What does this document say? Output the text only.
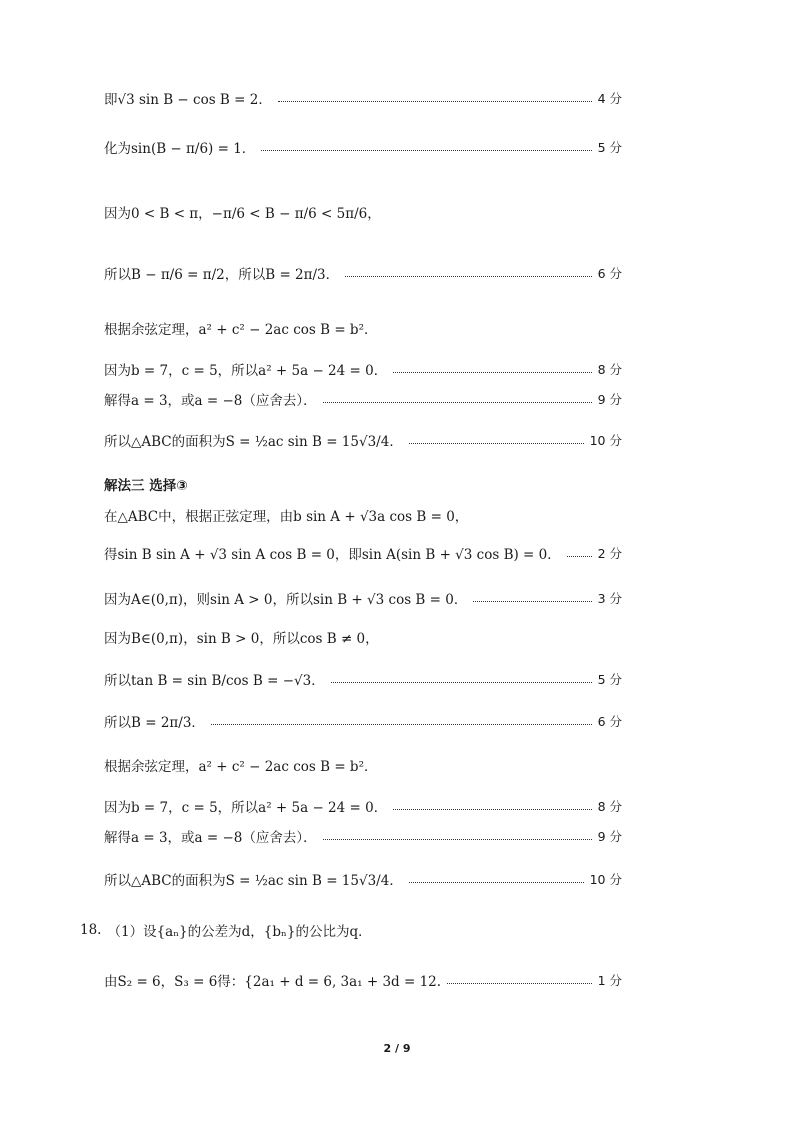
即√3 sin B − cos B = 2．	4 分
化为sin(B − π/6) = 1．	5 分
因为0 < B < π，−π/6 < B − π/6 < 5π/6，
所以B − π/6 = π/2，所以B = 2π/3．	6 分
根据余弦定理，a² + c² − 2ac cos B = b²．
因为b = 7，c = 5，所以a² + 5a − 24 = 0．	8 分
解得a = 3，或a = −8（应舍去）．	9 分
所以△ABC的面积为S = ½ac sin B = 15√3/4．	10 分
解法三 选择③
在△ABC中，根据正弦定理，由b sin A + √3a cos B = 0，
得sin B sin A + √3 sin A cos B = 0，即sin A(sin B + √3 cos B) = 0．	2 分
因为A∈(0,π)，则sin A > 0，所以sin B + √3 cos B = 0．	3 分
因为B∈(0,π)，sin B > 0，所以cos B ≠ 0，
所以tan B = sin B/cos B = −√3．	5 分
所以B = 2π/3．	6 分
根据余弦定理，a² + c² − 2ac cos B = b²．
因为b = 7，c = 5，所以a² + 5a − 24 = 0．	8 分
解得a = 3，或a = −8（应舍去）．	9 分
所以△ABC的面积为S = ½ac sin B = 15√3/4．	10 分
18. （1）设{aₙ}的公差为d，{bₙ}的公比为q．
由S₂ = 6，S₃ = 6得：{2a₁ + d = 6, 3a₁ + 3d = 12.	1 分
2 / 9
